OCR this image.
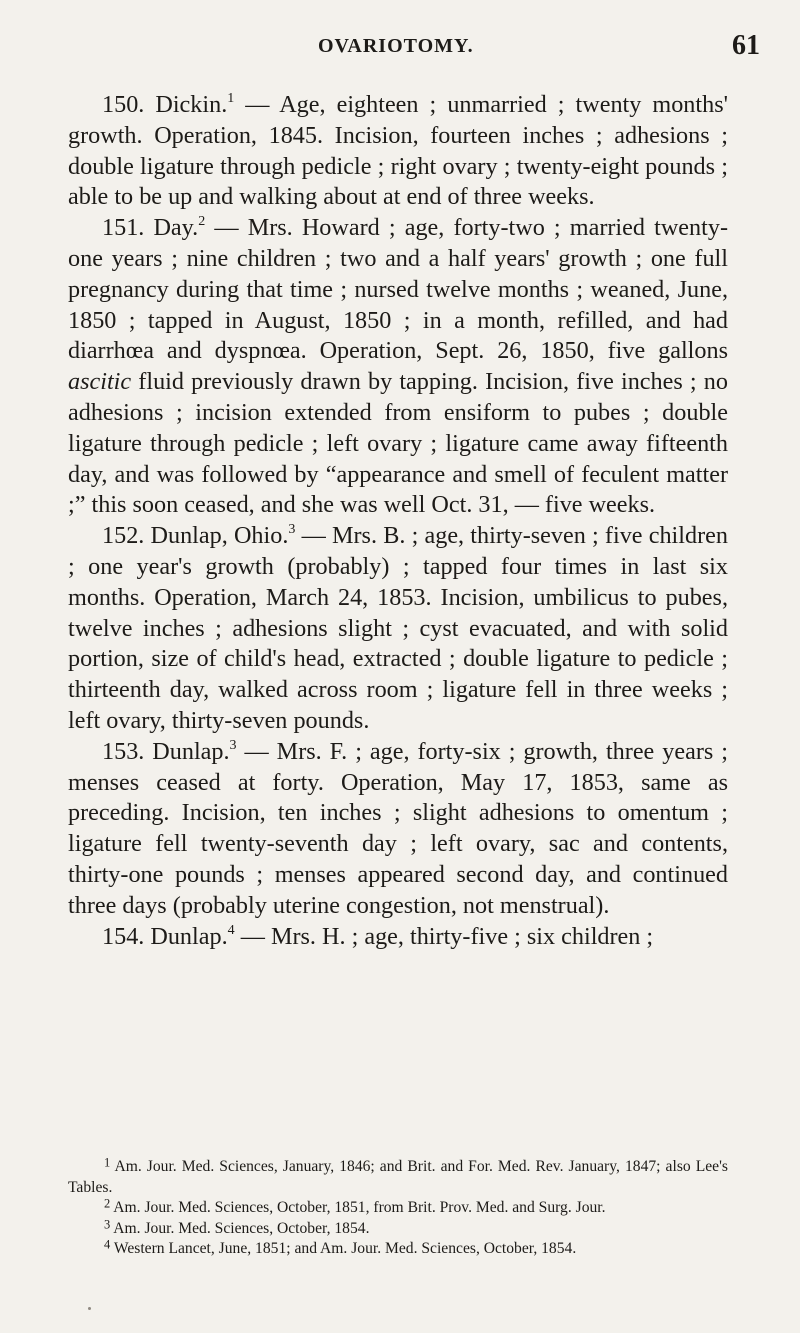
OVARIOTOMY.	61

150. Dickin.$^1$ — Age, eighteen ; unmarried ; twenty months' growth. Operation, 1845. Incision, fourteen inches ; adhesions ; double ligature through pedicle ; right ovary ; twenty-eight pounds ; able to be up and walking about at end of three weeks.

151. Day.$^2$ — Mrs. Howard ; age, forty-two ; married twenty-one years ; nine children ; two and a half years' growth ; one full pregnancy during that time ; nursed twelve months ; weaned, June, 1850 ; tapped in August, 1850 ; in a month, refilled, and had diarrhœa and dyspnœa. Operation, Sept. 26, 1850, five gallons ascitic fluid previously drawn by tapping. Incision, five inches ; no adhesions ; incision extended from ensiform to pubes ; double ligature through pedicle ; left ovary ; ligature came away fifteenth day, and was followed by “appearance and smell of feculent matter ;” this soon ceased, and she was well Oct. 31, — five weeks.

152. Dunlap, Ohio.$^3$ — Mrs. B. ; age, thirty-seven ; five children ; one year's growth (probably) ; tapped four times in last six months. Operation, March 24, 1853. Incision, umbilicus to pubes, twelve inches ; adhesions slight ; cyst evacuated, and with solid portion, size of child's head, extracted ; double ligature to pedicle ; thirteenth day, walked across room ; ligature fell in three weeks ; left ovary, thirty-seven pounds.

153. Dunlap.$^3$ — Mrs. F. ; age, forty-six ; growth, three years ; menses ceased at forty. Operation, May 17, 1853, same as preceding. Incision, ten inches ; slight adhesions to omentum ; ligature fell twenty-seventh day ; left ovary, sac and contents, thirty-one pounds ; menses appeared second day, and continued three days (probably uterine congestion, not menstrual).

154. Dunlap.$^4$ — Mrs. H. ; age, thirty-five ; six children ;

$^1$ Am. Jour. Med. Sciences, January, 1846; and Brit. and For. Med. Rev. January, 1847; also Lee's Tables.

$^2$ Am. Jour. Med. Sciences, October, 1851, from Brit. Prov. Med. and Surg. Jour.

$^3$ Am. Jour. Med. Sciences, October, 1854.

$^4$ Western Lancet, June, 1851; and Am. Jour. Med. Sciences, October, 1854.
